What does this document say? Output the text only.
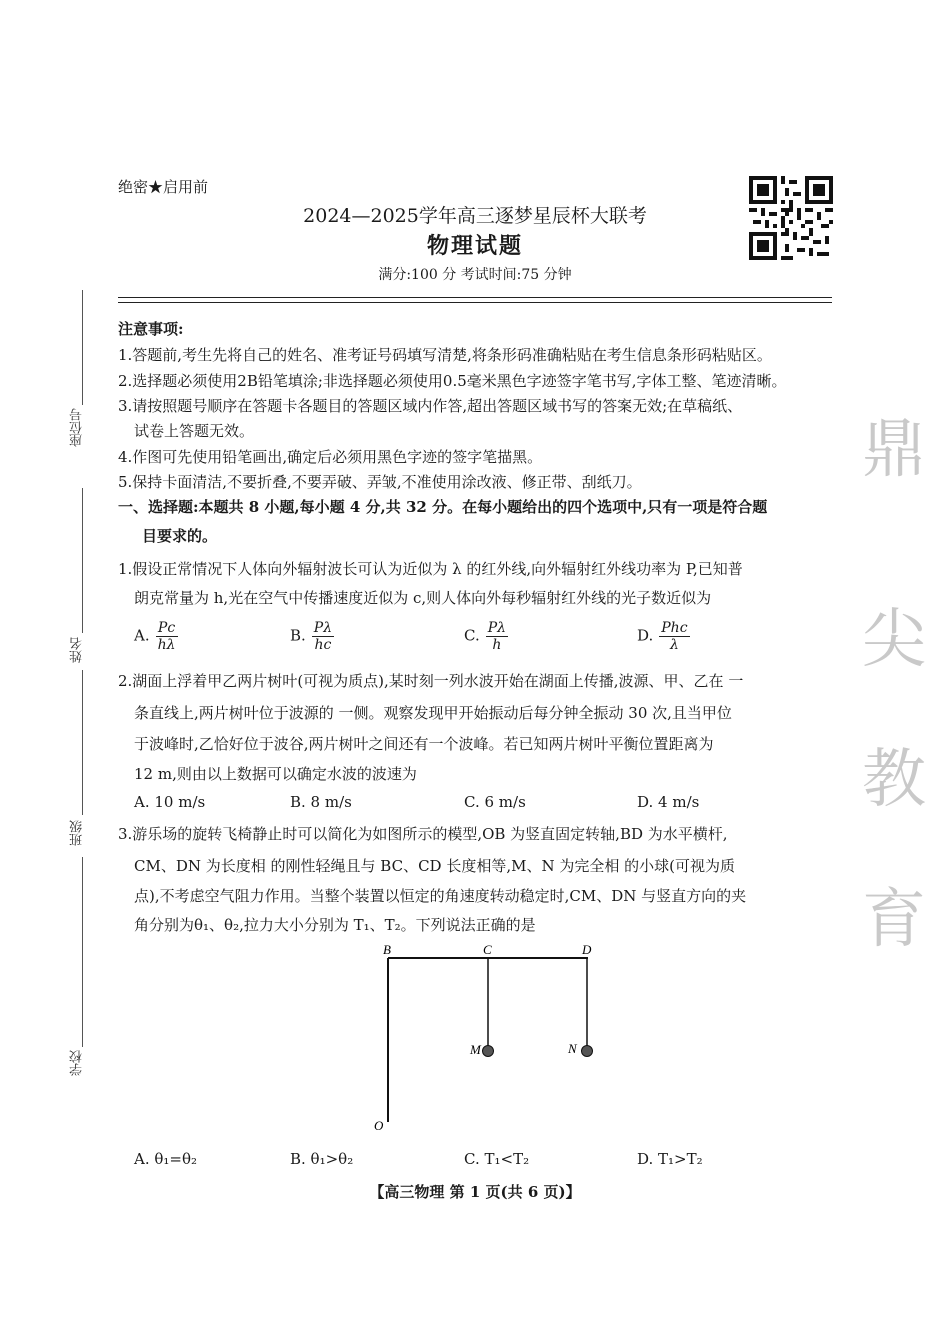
绝密★启用前
2024—2025学年高三逐梦星辰杯大联考
物理试题
满分:100 分 考试时间:75 分钟
注意事项:
1.答题前,考生先将自己的姓名、准考证号码填写清楚,将条形码准确粘贴在考生信息条形码粘贴区。
2.选择题必须使用2B铅笔填涂;非选择题必须使用0.5毫米黑色字迹签字笔书写,字体工整、笔迹清晰。
3.请按照题号顺序在答题卡各题目的答题区域内作答,超出答题区域书写的答案无效;在草稿纸、
试卷上答题无效。
4.作图可先使用铅笔画出,确定后必须用黑色字迹的签字笔描黑。
5.保持卡面清洁,不要折叠,不要弄破、弄皱,不准使用涂改液、修正带、刮纸刀。
一、选择题:本题共 8 小题,每小题 4 分,共 32 分。在每小题给出的四个选项中,只有一项是符合题
目要求的。
1.假设正常情况下人体向外辐射波长可认为近似为 λ 的红外线,向外辐射红外线功率为 P,已知普
朗克常量为 h,光在空气中传播速度近似为 c,则人体向外每秒辐射红外线的光子数近似为
A. $\frac{Pc}{h\lambda}$	B. $\frac{P\lambda}{hc}$	C. $\frac{P\lambda}{h}$	D. $\frac{\text{Phc}}{\lambda}$
2.湖面上浮着甲乙两片树叶(可视为质点),某时刻一列水波开始在湖面上传播,波源、甲、乙在 一
条直线上,两片树叶位于波源的 一侧。观察发现甲开始振动后每分钟全振动 30 次,且当甲位
于波峰时,乙恰好位于波谷,两片树叶之间还有一个波峰。若已知两片树叶平衡位置距离为
12 m,则由以上数据可以确定水波的波速为
A. 10 m/s	B. 8 m/s	C. 6 m/s	D. 4 m/s
3.游乐场的旋转飞椅静止时可以简化为如图所示的模型,OB 为竖直固定转轴,BD 为水平横杆,
CM、DN 为长度相 的刚性轻绳且与 BC、CD 长度相等,M、N 为完全相 的小球(可视为质
点),不考虑空气阻力作用。当整个装置以恒定的角速度转动稳定时,CM、DN 与竖直方向的夹
角分别为θ₁、θ₂,拉力大小分别为 T₁、T₂。下列说法正确的是
B	C	D
M	N
O
A. θ₁=θ₂	B. θ₁>θ₂	C. T₁<T₂	D. T₁>T₂
座位号
姓名
班级
学校
鼎
尖
教
育
【高三物理 第 1 页(共 6 页)】
